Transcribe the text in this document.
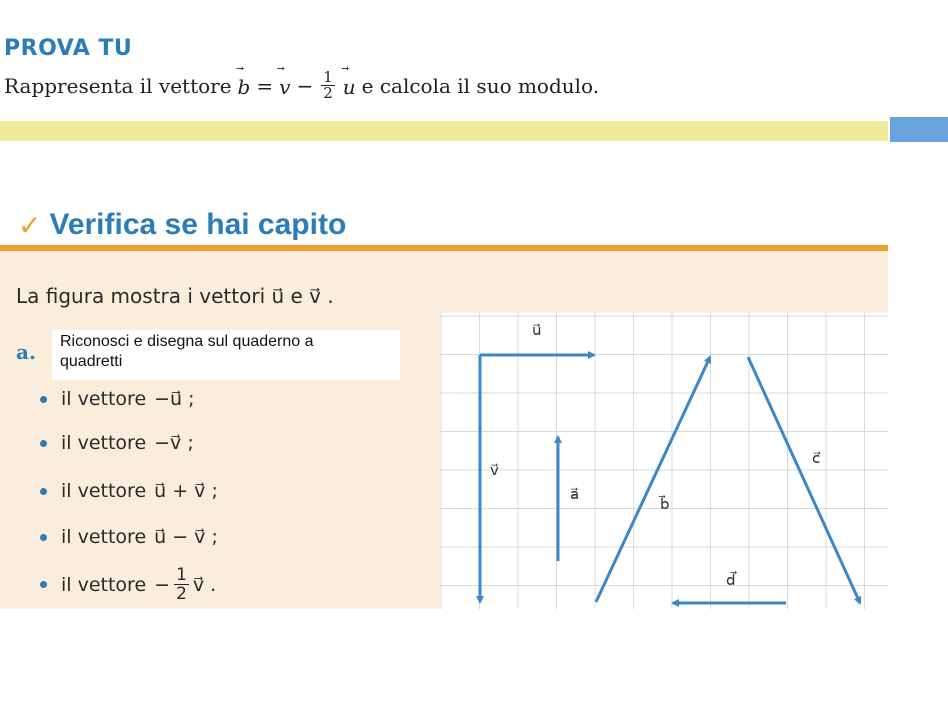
PROVA TU
Rappresenta il vettore ⃗ b = ⃗ $v - \frac{1}{2}$ ⃗ u e calcola il suo modulo.
✓ Verifica se hai capito
La figura mostra i vettori u⃗ e v⃗ .
a. Riconosci e disegna sul quaderno a quadretti
il vettore −u⃗ ;
il vettore −v⃗ ;
il vettore u⃗ + v⃗ ;
il vettore u⃗ − v⃗ ;
il vettore − $\frac{1}{2}$ v⃗ .
u⃗
v⃗
a⃗
b⃗
c⃗
d⃗
